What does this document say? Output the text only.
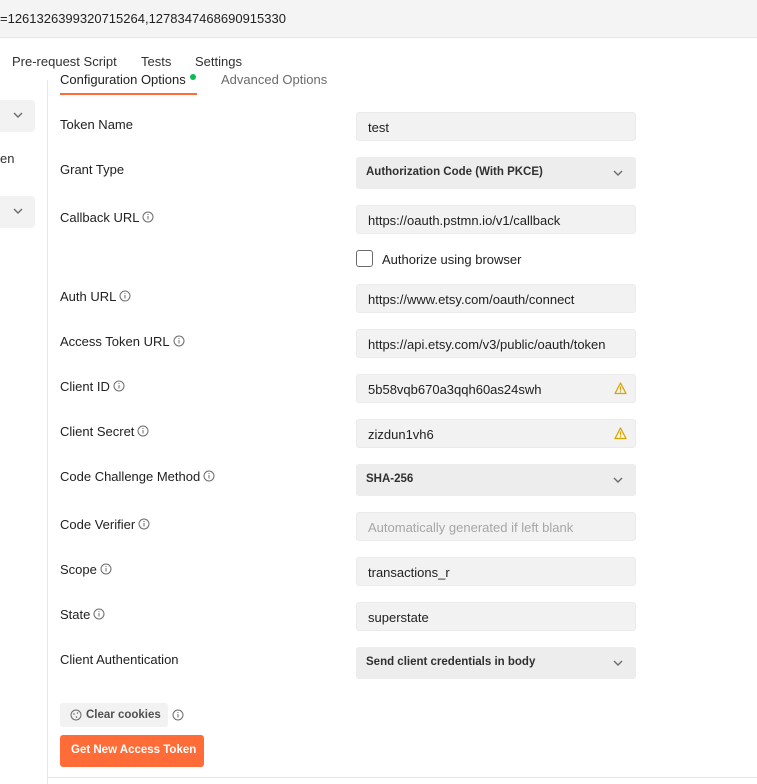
=1261326399320715264,1278347468690915330
Pre-request Script Tests Settings
en
Configuration Options	Advanced Options
Token Name	test
Grant Type	Authorization Code (With PKCE)
Callback URL	https://oauth.pstmn.io/v1/callback
Authorize using browser
Auth URL	https://www.etsy.com/oauth/connect
Access Token URL	https://api.etsy.com/v3/public/oauth/token
Client ID	5b58vqb670a3qqh60as24swh
Client Secret	zizdun1vh6
Code Challenge Method	SHA-256
Code Verifier	Automatically generated if left blank
Scope	transactions_r
State	superstate
Client Authentication	Send client credentials in body
Clear cookies
Get New Access Token
